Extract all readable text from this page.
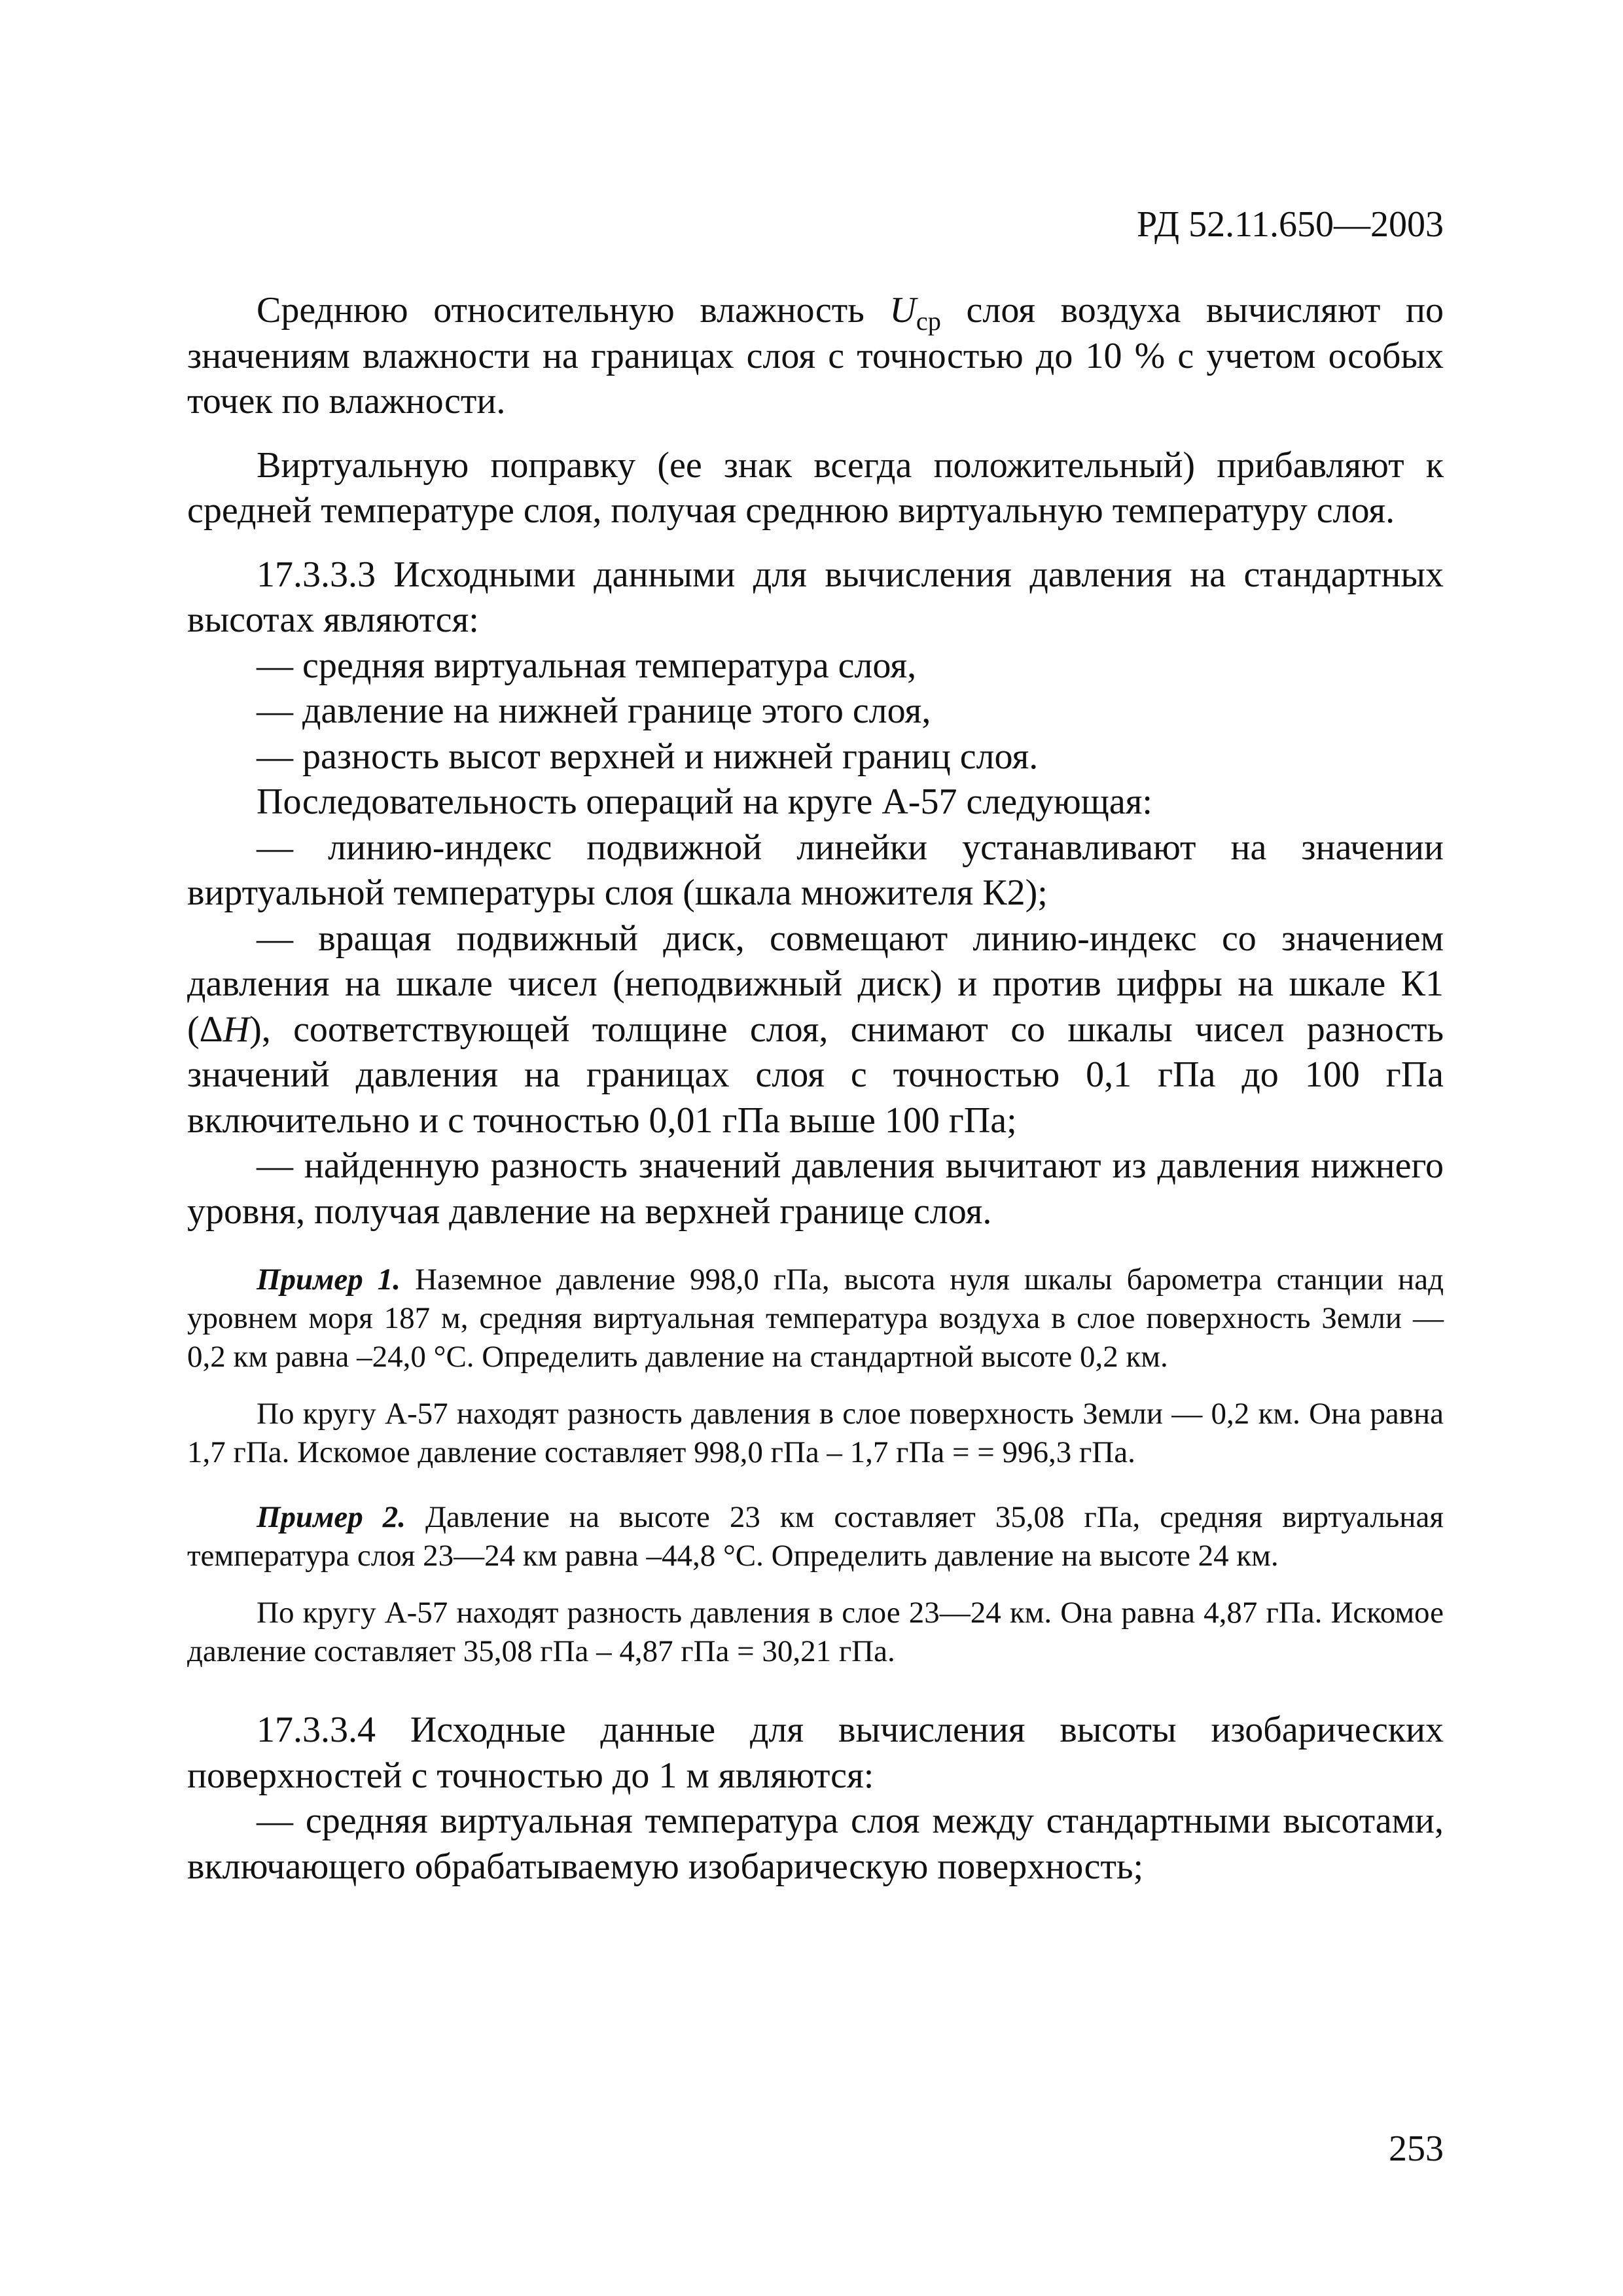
РД 52.11.650—2003

Среднюю относительную влажность $U_{ср}$ слоя воздуха вычисляют по значениям влажности на границах слоя с точностью до 10 % с учетом особых точек по влажности.

Виртуальную поправку (ее знак всегда положительный) прибавляют к средней температуре слоя, получая среднюю виртуальную температуру слоя.

17.3.3.3 Исходными данными для вычисления давления на стандартных высотах являются:

— средняя виртуальная температура слоя,

— давление на нижней границе этого слоя,

— разность высот верхней и нижней границ слоя.

Последовательность операций на круге А-57 следующая:

— линию-индекс подвижной линейки устанавливают на значении виртуальной температуры слоя (шкала множителя К2);

— вращая подвижный диск, совмещают линию-индекс со значением давления на шкале чисел (неподвижный диск) и против цифры на шкале К1 (ΔH), соответствующей толщине слоя, снимают со шкалы чисел разность значений давления на границах слоя с точностью 0,1 гПа до 100 гПа включительно и с точностью 0,01 гПа выше 100 гПа;

— найденную разность значений давления вычитают из давления нижнего уровня, получая давление на верхней границе слоя.

Пример 1. Наземное давление 998,0 гПа, высота нуля шкалы барометра станции над уровнем моря 187 м, средняя виртуальная температура воздуха в слое поверхность Земли — 0,2 км равна –24,0 °С. Определить давление на стандартной высоте 0,2 км.

По кругу А-57 находят разность давления в слое поверхность Земли — 0,2 км. Она равна 1,7 гПа. Искомое давление составляет 998,0 гПа – 1,7 гПа = = 996,3 гПа.

Пример 2. Давление на высоте 23 км составляет 35,08 гПа, средняя виртуальная температура слоя 23—24 км равна –44,8 °С. Определить давление на высоте 24 км.

По кругу А-57 находят разность давления в слое 23—24 км. Она равна 4,87 гПа. Искомое давление составляет 35,08 гПа – 4,87 гПа = 30,21 гПа.

17.3.3.4 Исходные данные для вычисления высоты изобарических поверхностей с точностью до 1 м являются:

— средняя виртуальная температура слоя между стандартными высотами, включающего обрабатываемую изобарическую поверхность;

253
